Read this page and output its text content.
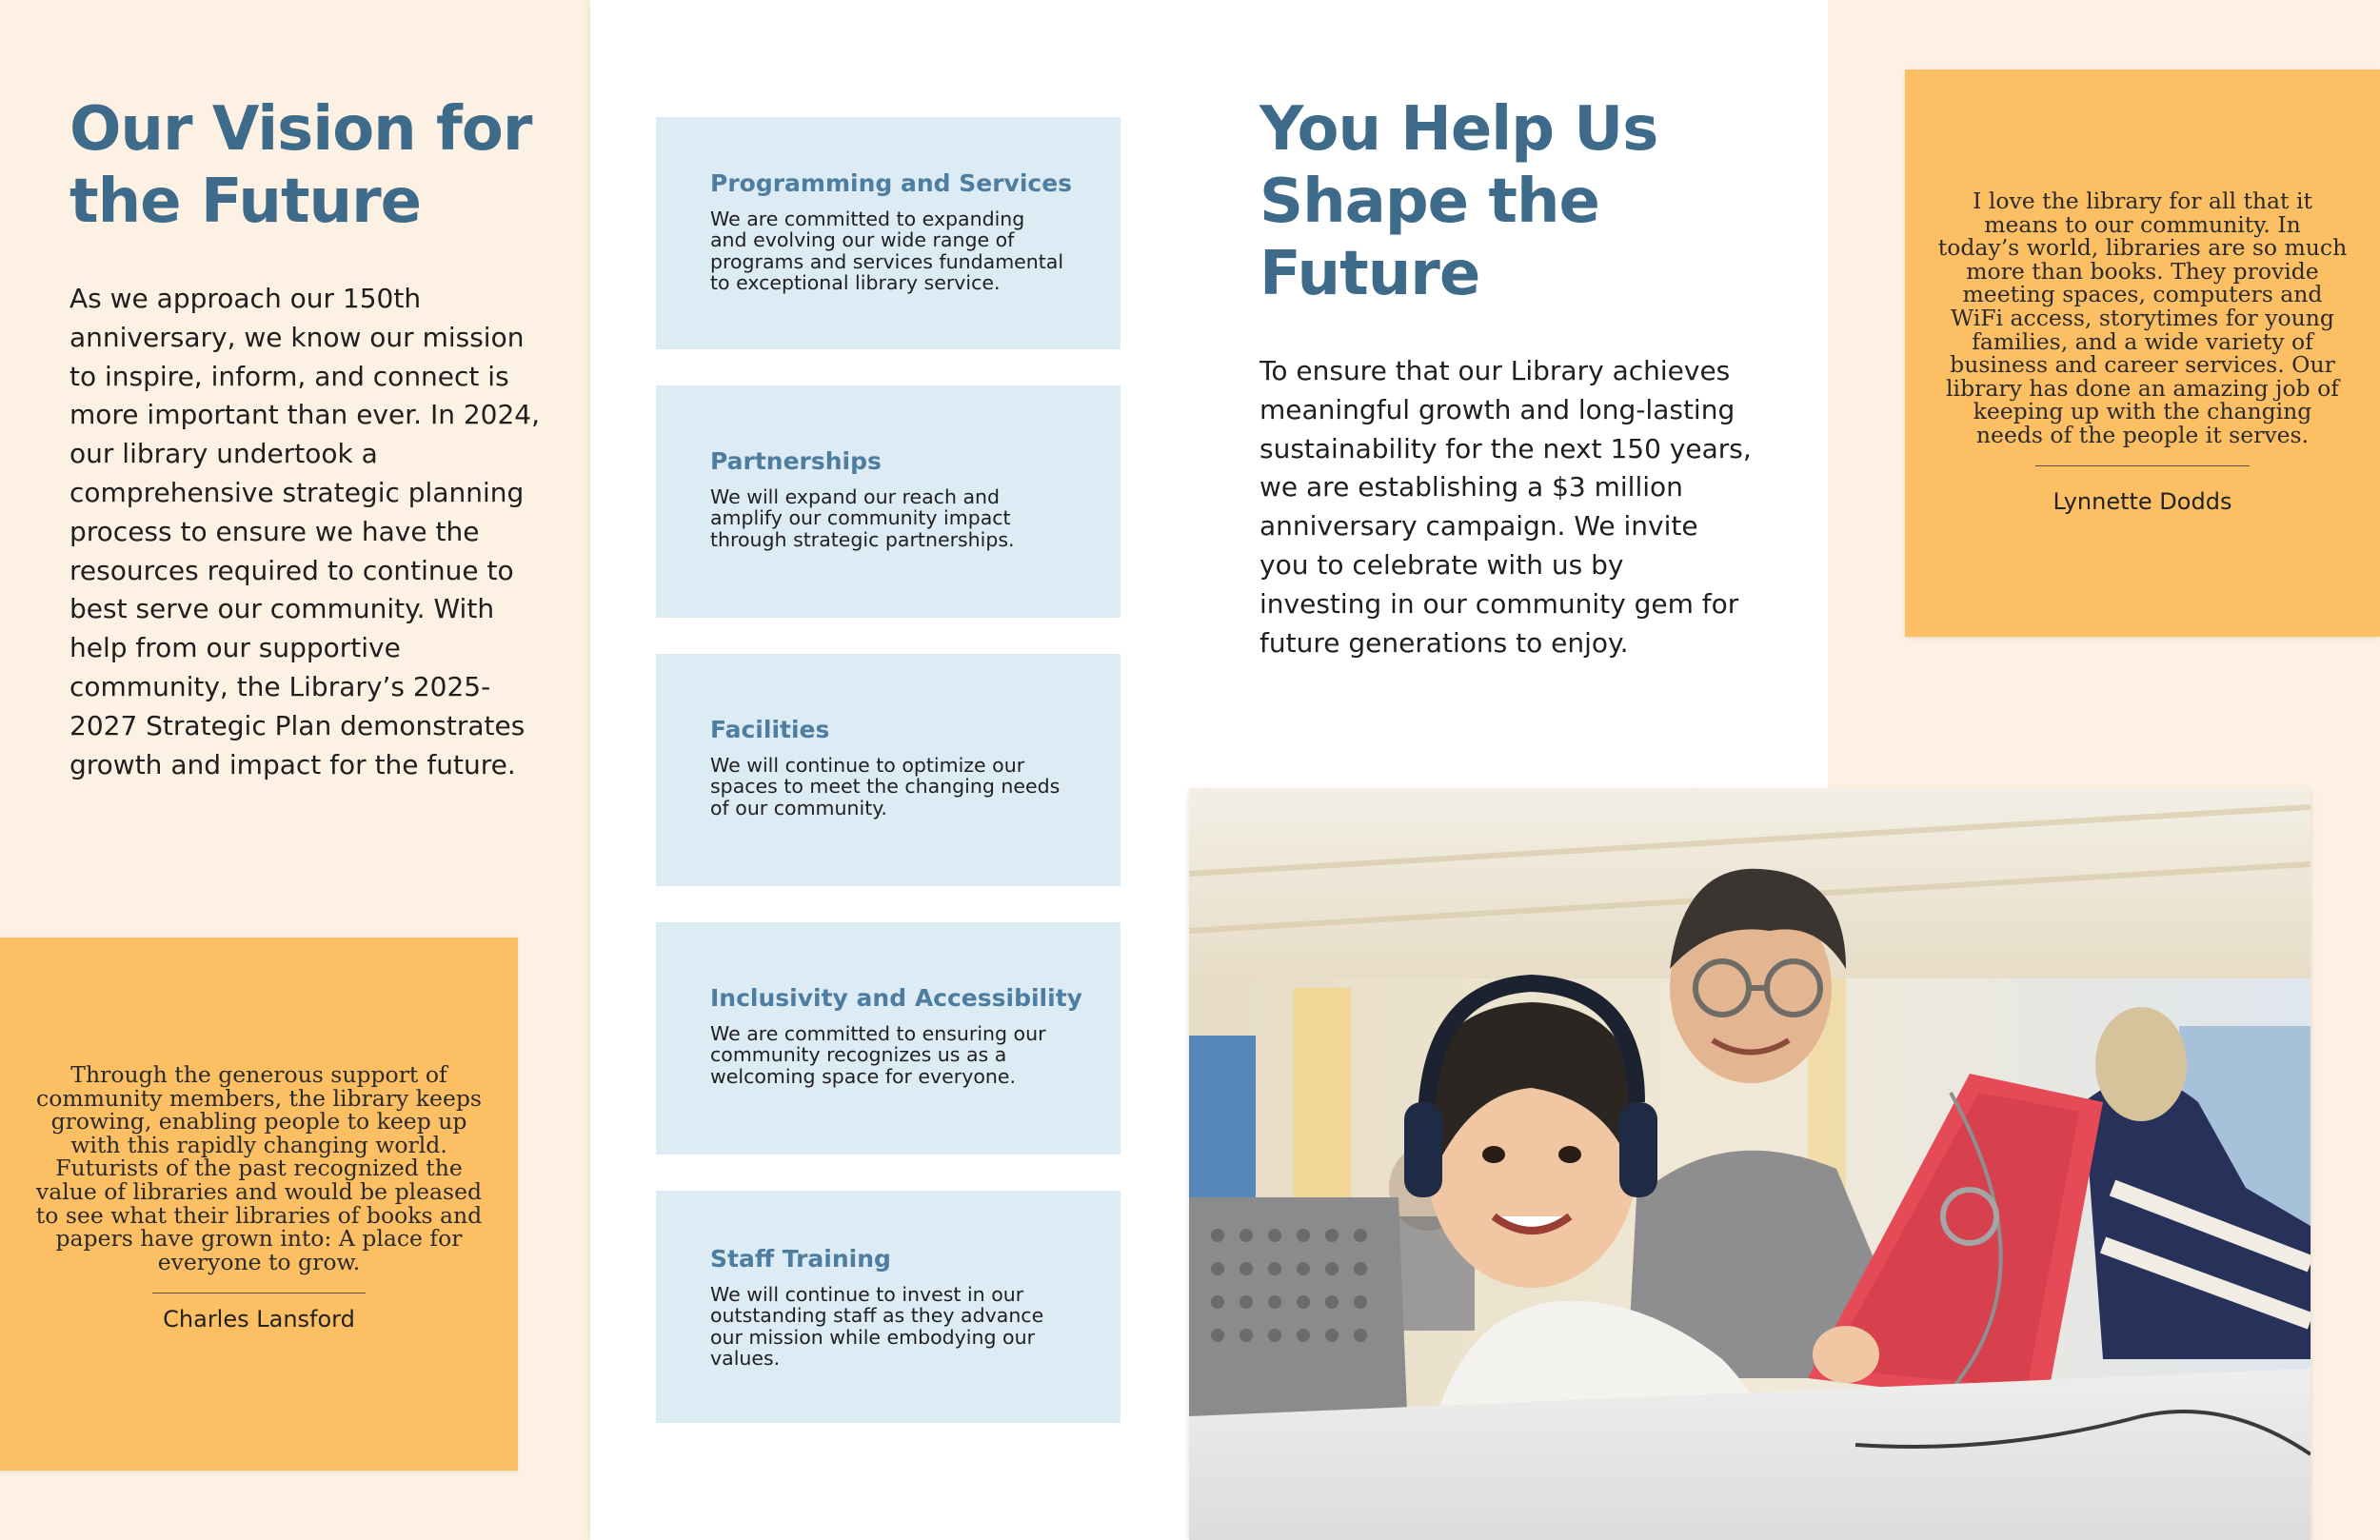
Our Vision for
the Future

As we approach our 150th
anniversary, we know our mission
to inspire, inform, and connect is
more important than ever. In 2024,
our library undertook a
comprehensive strategic planning
process to ensure we have the
resources required to continue to
best serve our community. With
help from our supportive
community, the Library’s 2025-
2027 Strategic Plan demonstrates
growth and impact for the future.

Through the generous support of
community members, the library keeps
growing, enabling people to keep up
with this rapidly changing world.
Futurists of the past recognized the
value of libraries and would be pleased
to see what their libraries of books and
papers have grown into: A place for
everyone to grow.

Charles Lansford

Programming and Services

We are committed to expanding
and evolving our wide range of
programs and services fundamental
to exceptional library service.

Partnerships

We will expand our reach and
amplify our community impact
through strategic partnerships.

Facilities

We will continue to optimize our
spaces to meet the changing needs
of our community.

Inclusivity and Accessibility

We are committed to ensuring our
community recognizes us as a
welcoming space for everyone.

Staff Training

We will continue to invest in our
outstanding staff as they advance
our mission while embodying our
values.

You Help Us
Shape the
Future

To ensure that our Library achieves
meaningful growth and long-lasting
sustainability for the next 150 years,
we are establishing a $3 million
anniversary campaign. We invite
you to celebrate with us by
investing in our community gem for
future generations to enjoy.

I love the library for all that it
means to our community. In
today’s world, libraries are so much
more than books. They provide
meeting spaces, computers and
WiFi access, storytimes for young
families, and a wide variety of
business and career services. Our
library has done an amazing job of
keeping up with the changing
needs of the people it serves.

Lynnette Dodds
